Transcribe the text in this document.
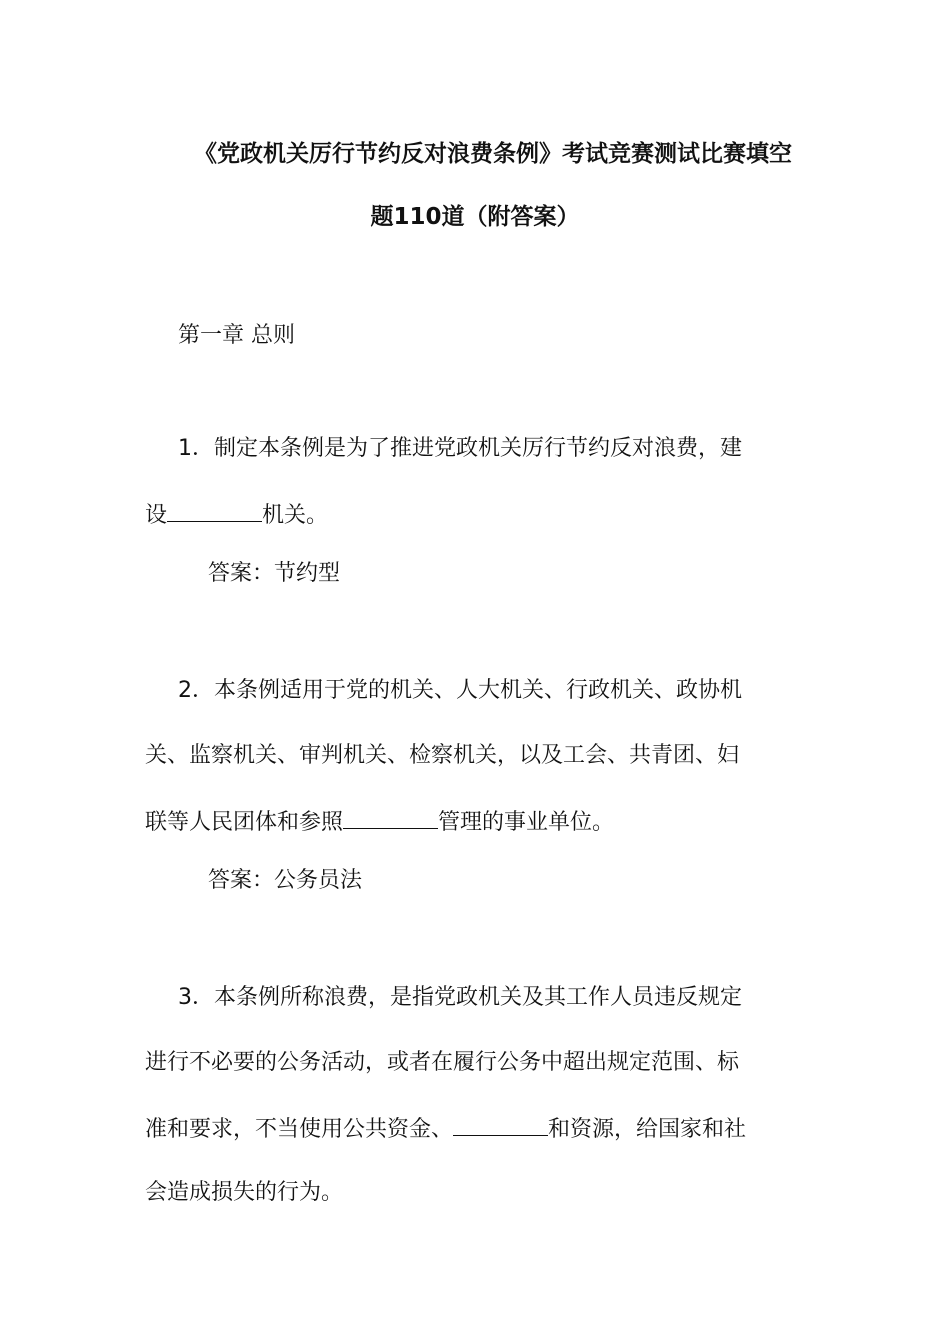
《党政机关厉行节约反对浪费条例》考试竞赛测试比赛填空
题110道（附答案）
第一章 总则
1．制定本条例是为了推进党政机关厉行节约反对浪费，建
设	机关。
答案：节约型
2．本条例适用于党的机关、人大机关、行政机关、政协机
关、监察机关、审判机关、检察机关，以及工会、共青团、妇
联等人民团体和参照	管理的事业单位。
答案：公务员法
3．本条例所称浪费，是指党政机关及其工作人员违反规定
进行不必要的公务活动，或者在履行公务中超出规定范围、标
准和要求，不当使用公共资金、	和资源，给国家和社
会造成损失的行为。
